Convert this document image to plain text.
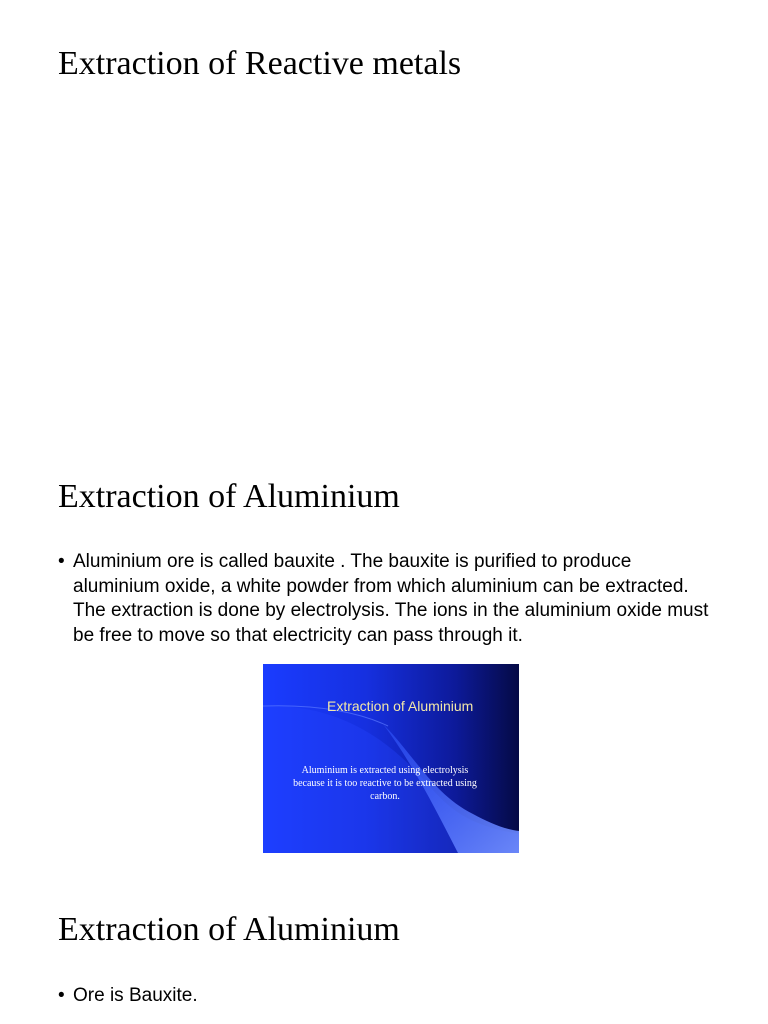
Extraction of Reactive metals
Extraction of Aluminium
• Aluminium ore is called bauxite . The bauxite is purified to produce aluminium oxide, a white powder from which aluminium can be extracted. The extraction is done by electrolysis. The ions in the aluminium oxide must be free to move so that electricity can pass through it.
Extraction of Aluminium
Aluminium is extracted using electrolysis because it is too reactive to be extracted using carbon.
Extraction of Aluminium
• Ore is Bauxite.
